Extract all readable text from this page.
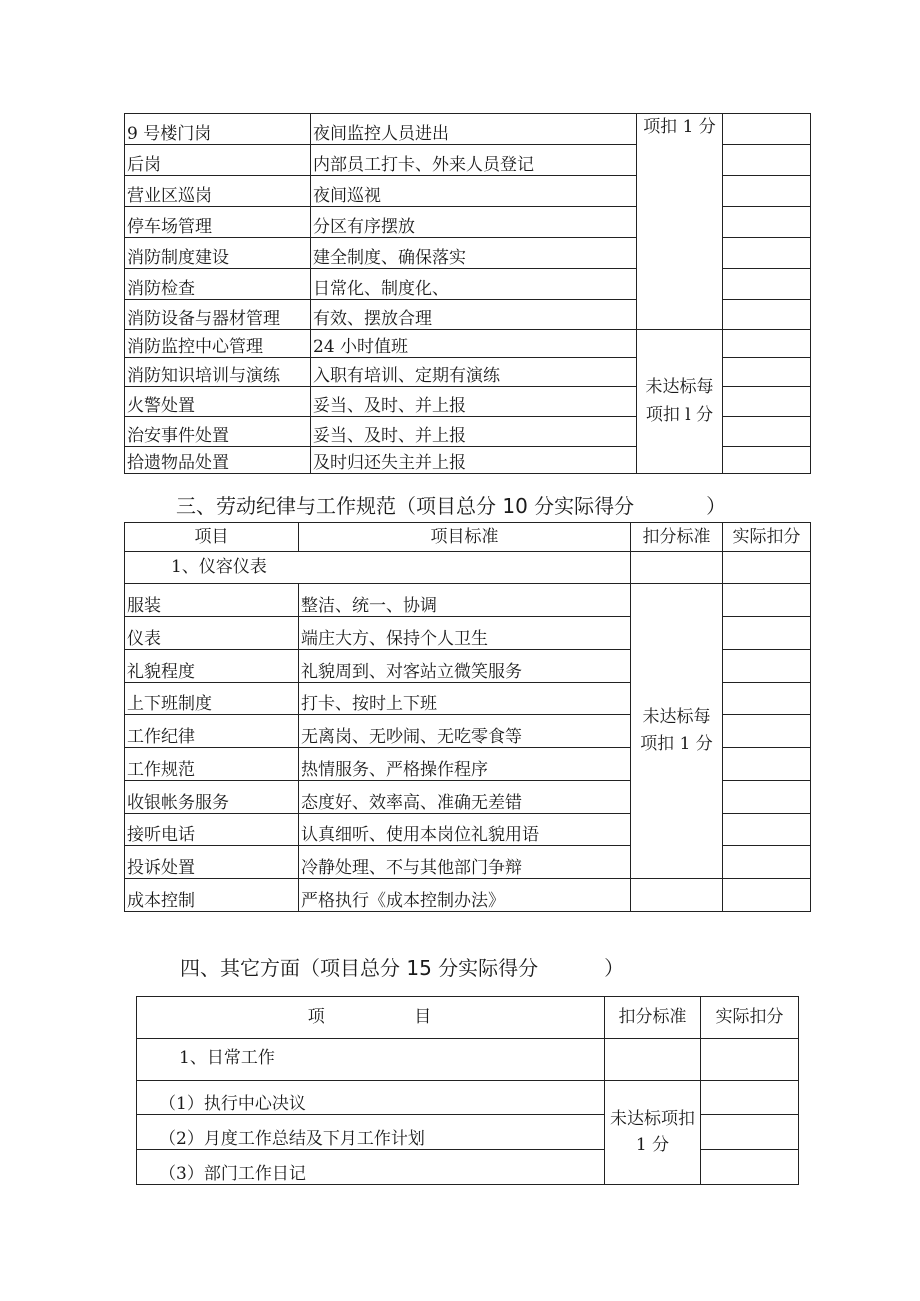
9 号楼门岗	夜间监控人员进出	项扣 1 分	
后岗	内部员工打卡、外来人员登记		
营业区巡岗	夜间巡视		
停车场管理	分区有序摆放		
消防制度建设	建全制度、确保落实		
消防检查	日常化、制度化、		
消防设备与器材管理	有效、摆放合理		
消防监控中心管理	24 小时值班	未达标每项扣 l 分	
消防知识培训与演练	入职有培训、定期有演练		
火警处置	妥当、及时、并上报		
治安事件处置	妥当、及时、并上报		
拾遗物品处置	及时归还失主并上报		
三、劳动纪律与工作规范（项目总分 10 分实际得分	）
项目	项目标准	扣分标准	实际扣分
1、仪容仪表			
服装	整洁、统一、协调	未达标每项扣 1 分	
仪表	端庄大方、保持个人卫生		
礼貌程度	礼貌周到、对客站立微笑服务		
上下班制度	打卡、按时上下班		
工作纪律	无离岗、无吵闹、无吃零食等		
工作规范	热情服务、严格操作程序		
收银帐务服务	态度好、效率高、准确无差错		
接听电话	认真细听、使用本岗位礼貌用语		
投诉处置	冷静处理、不与其他部门争辩		
成本控制	严格执行《成本控制办法》		
四、其它方面（项目总分 15 分实际得分	）
项 目	扣分标准	实际扣分
1、日常工作		
（1）执行中心决议	未达标项扣 1 分	
（2）月度工作总结及下月工作计划		
（3）部门工作日记		
